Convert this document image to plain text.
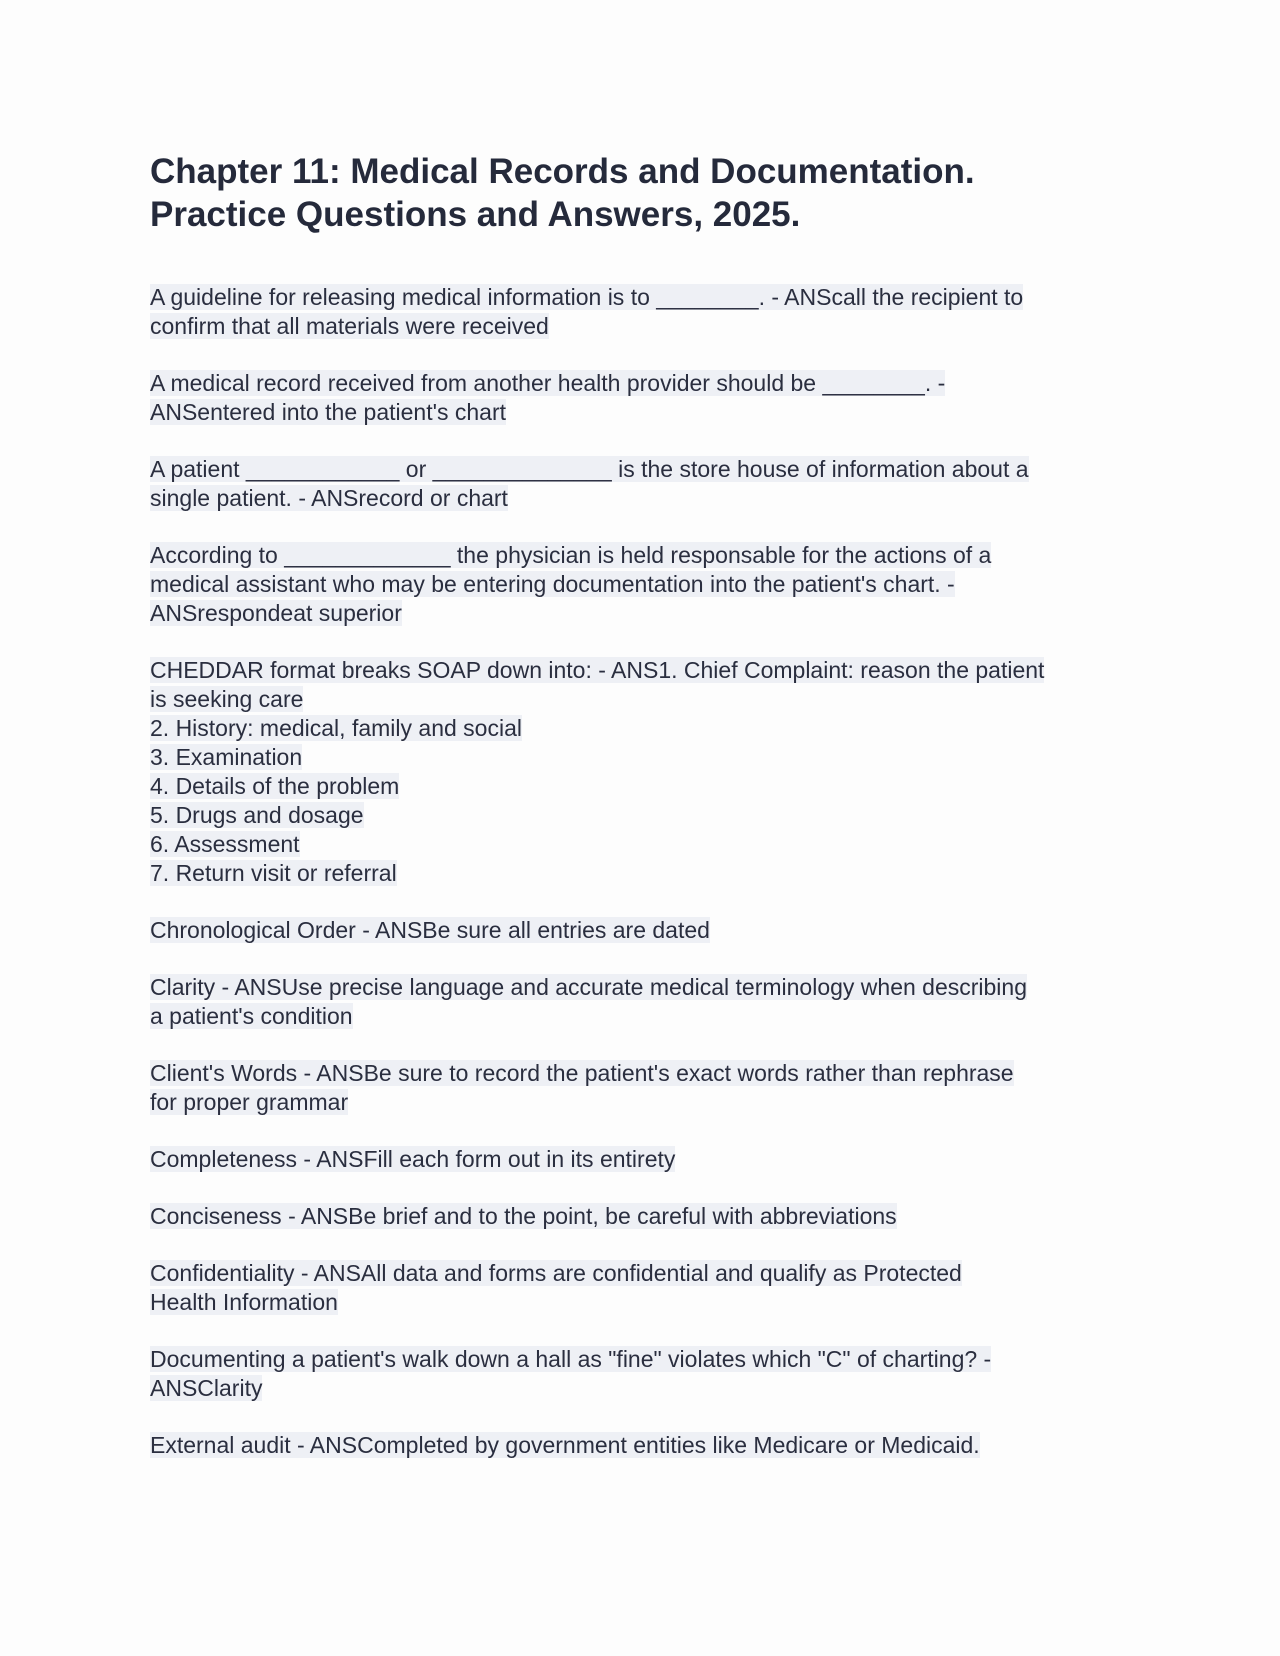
Chapter 11: Medical Records and Documentation.
Practice Questions and Answers, 2025.
A guideline for releasing medical information is to ________. - ANScall the recipient to
confirm that all materials were received
A medical record received from another health provider should be ________. -
ANSentered into the patient's chart
A patient ____________ or ______________ is the store house of information about a
single patient. - ANSrecord or chart
According to _____________ the physician is held responsable for the actions of a
medical assistant who may be entering documentation into the patient's chart. -
ANSrespondeat superior
CHEDDAR format breaks SOAP down into: - ANS1. Chief Complaint: reason the patient
is seeking care
2. History: medical, family and social
3. Examination
4. Details of the problem
5. Drugs and dosage
6. Assessment
7. Return visit or referral
Chronological Order - ANSBe sure all entries are dated
Clarity - ANSUse precise language and accurate medical terminology when describing
a patient's condition
Client's Words - ANSBe sure to record the patient's exact words rather than rephrase
for proper grammar
Completeness - ANSFill each form out in its entirety
Conciseness - ANSBe brief and to the point, be careful with abbreviations
Confidentiality - ANSAll data and forms are confidential and qualify as Protected
Health Information
Documenting a patient's walk down a hall as "fine" violates which "C" of charting? -
ANSClarity
External audit - ANSCompleted by government entities like Medicare or Medicaid.
